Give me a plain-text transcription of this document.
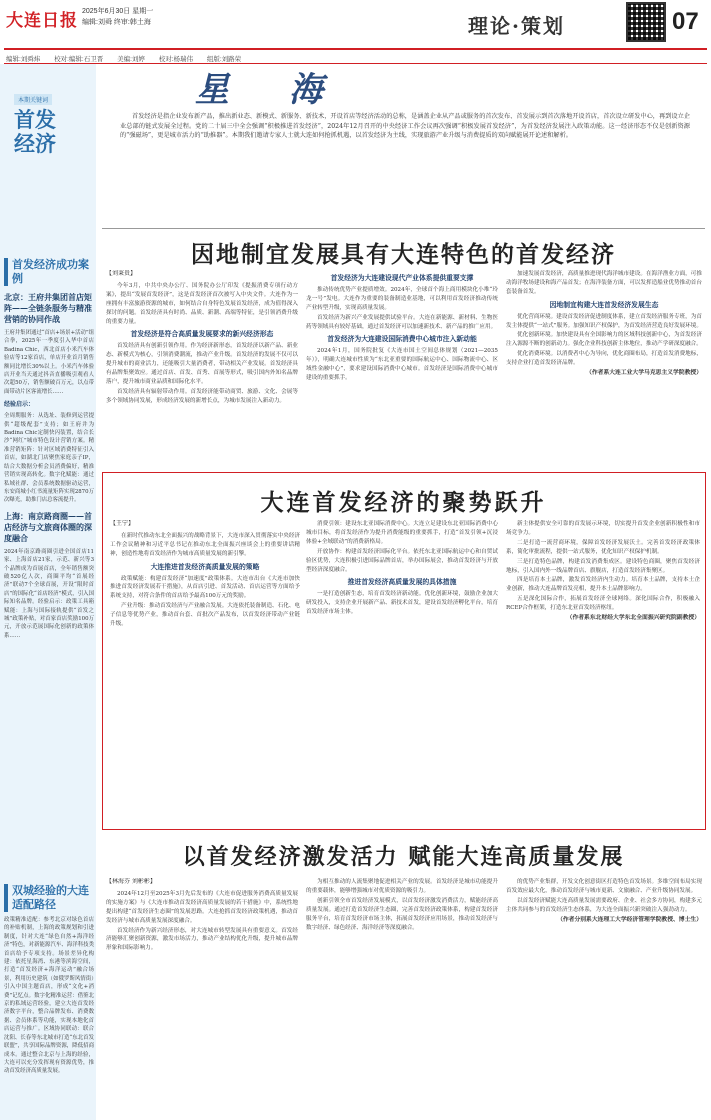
大连日报 2025年6月30日 星期一
编辑:刘舜 终审:韩土海	理论·策划	07
编辑:刘舜炜 校对:编辑:石卫晋 美编:刘婷 校对:杨瑞伟 组版:刘路荣
本期关键词
首发经济
首发经济成功案例
北京：王府井集团首店矩阵——全链条服务与精准营销的协同作战
王府井集团通过“首店+场景+活动”组合拳，2025年一季度引入华中首店Badina Chic，西北首店小米汽车体验店等12家首店，单店开业首月销售额同比增长30%以上。小米汽车体验店开业当天通过抖音直播吸引观看人次超50万，销售额破百万元，以点带面带动片区客流增长……
经验启示：
全周期服务：从选址、装修到运营提供“超级配套”支持；如王府井为Badina Chic定制快闪装置，结合长沙“网红”城市特色设计营销方案。精准营销矩阵：针对区域消费特征引入首店，如湖北门店聚焦家庭亲子IP，结合大数据分析会员消费偏好，精准营销实现高转化。数字化赋能：通过私域社群、会员系统数据驱动运营，东安商城小红书流量矩阵实现2870万次曝光，助推门店总客流提升。
上海：南京路商圈——首店经济与文旅商体圈的深度融合
2024年南京路商圈引进全国首店11家、上海首店21家，示范、新兴等3个品牌成为首展首店，全年销售额突破520亿人次，商圈平均“首展经济”联动7个全球首展，开设“限时首店”的国际化“首店经济”模式，引入国际知名品牌。经验启示：政策工具箱赋能：上海与国际接轨提供“首发之城”政策补贴，对首家首店奖励100万元，开放示范展国际化创新的政策体系……
双城经验的大连适配路径
政策精准适配：参考北京对绿色首店的补贴机制，上海的政策规划和引进制度，针对大连“绿色自然+海洋经济”特色，对新能源汽车、海洋科技类首店给予专项支持。场景差异化构建：依托星海湾、东港等滨海空间，打造“首发经济+海洋运动”融合场景，利用历史建筑（如俄罗斯风情街）引入中国主题首店，形成“文化+消费”记忆点。数字化精准运营：借鉴北京的私域运营经验，建立大连首发经济数字平台，整合品牌发布、消费数据、会员体系等功能，实现本地化首店运营与推广。区域协同联动：联合沈阳、长春等东北城市打造“东北首发联盟”，共享国际品牌资源，降低招商成本。通过整合北京与上海的经验，大连可以充分发挥现有资源优势，推动首发经济高质量发展。
星 海
首发经济是指企业发布新产品，推出新业态、新模式、新服务、新技术，开设首店等经济活动的总称，是涵盖企业从产品或服务的首次发布、首发展示到首次落地开设首店，首次设立研发中心，再到设立企业总部的链式发展全过程。党的二十届三中全会强调“积极推进首发经济”，2024年12月召开的中央经济工作会议再次强调“积极发展首发经济”，为首发经济发展注入政策动能。这一经济形态不仅是创新资源的“强磁场”，更是城市活力的“助推器”。本期我们邀请专家人士就大连如何抢抓机遇，以首发经济为主线，实现旅游产业升级与消费提质的双向赋能展开论述和解析。
因地制宜发展具有大连特色的首发经济
【刘秉贵】
今年3月，中共中央办公厅、国务院办公厅印发《提振消费专项行动方案》，提出“发展首发经济”，这是首发经济首次被写入中央文件。大连作为一座拥有丰富旅游资源的城市，如何结合自身特色发展首发经济，成为值得深入探讨的问题。首发经济具有时尚、品质、新潮、高端等特征，是引领消费升级的重要力量。
首发经济是符合高质量发展要求的新兴经济形态
首发经济具有创新引领作用。作为经济新形态，首发经济以新产品、新业态、新模式为核心，引领消费潮流，推动产业升级。首发经济的发展不仅可以提升城市的商业活力，还能吸引大量消费者，带动相关产业发展。首发经济具有品牌集聚效应。通过首店、首发、首秀、首展等形式，吸引国内外知名品牌落户，提升城市商业品质和国际化水平。
首发经济具有辐射带动作用。首发经济能带动商贸、旅游、文化、会展等多个领域协同发展，形成经济发展的新增长点，为城市发展注入新动力。
首发经济为大连建设现代产业体系提供重要支撑
推动传统优势产业提质增效。2024年，全球首个海上商用模块化小堆“玲龙一号”发电。大连作为重要的装备制造业基地，可以利用首发经济推动传统产业转型升级，实现高质量发展。
首发经济为新兴产业发展提供试验平台。大连在新能源、新材料、生物医药等领域具有较好基础，通过首发经济可以加速新技术、新产品的推广应用。
首发经济为大连建设国际消费中心城市注入新动能
2024年1月，国务院批复《大连市国土空间总体规划（2021—2035年）》，明确大连城市性质为“东北亚重要的国际航运中心、国际物流中心、区域性金融中心”，要求建设国际消费中心城市。首发经济是国际消费中心城市建设的重要抓手。
加速发展首发经济，高质量推进现代海洋城市建设。在海洋渔业方面，可推动海洋牧场建设和海产品首发；在海洋装备方面，可以发挥造船业优势推动首台套装备首发。
因地制宜构建大连首发经济发展生态
优化营商环境。建设首发经济促进制度体系，建立首发经济服务专班，为首发主体提供“一站式”服务。加强知识产权保护，为首发经济营造良好发展环境。
优化创新环境。加快建设具有全国影响力的区域科技创新中心，为首发经济注入源源不断的创新动力。强化企业科技创新主体地位，推动产学研深度融合。
优化消费环境。以消费者中心为导向，优化商圈布局，打造首发消费地标，支持企业打造首发经济品牌。
（作者系大连工业大学马克思主义学院教授）
大连首发经济的聚势跃升
【王宁】
在新时代推动东北全面振兴的战略背景下，大连市深入贯彻落实中央经济工作会议精神和习近平总书记在推动东北全面振兴座谈会上的重要讲话精神，创造性地将首发经济作为城市高质量发展的新引擎。
大连推进首发经济高质量发展的策略
政策赋能：构建首发经济“加速度”政策体系。大连市出台《大连市加快推进首发经济发展若干措施》，从首店引进、首发活动、首店运营等方面给予系统支持，对符合条件的首店给予最高100万元的奖励。
产业升级：推动首发经济与产业融合发展。大连依托装备制造、石化、电子信息等优势产业，推动首台套、首批次产品发布，以首发经济带动产业链升级。
消费引领：建设东北亚国际消费中心。大连立足建设东北亚国际消费中心城市目标，将首发经济作为提升消费能级的重要抓手，打造“首发引领+沉浸体验+全域联动”的消费新格局。
开放协作：构建首发经济国际化平台。依托东北亚国际航运中心和自贸试验区优势，大连积极引进国际品牌首店，举办国际展会，推动首发经济与开放型经济深度融合。
推进首发经济高质量发展的具体措施
一是打造创新生态，培育首发经济新动能。优化创新环境，鼓励企业加大研发投入，支持企业开展新产品、新技术首发，建设首发经济孵化平台，培育首发经济市场主体。
新主体提供安全可靠的首发展示环境，切实提升首发企业创新积极性和市场竞争力。
二是打造一流营商环境，保障首发经济发展沃土。完善首发经济政策体系，简化审批流程，提供一站式服务，优化知识产权保护机制。
三是打造特色品牌，构建首发消费集成区。建设特色商圈，聚焦首发经济地标，引入国内外一线品牌首店、旗舰店，打造首发经济集聚区。
四是培育本土品牌，激发首发经济内生动力。培育本土品牌，支持本土企业创新，推动大连品牌首发亮相，提升本土品牌影响力。
五是深化国际合作，拓展首发经济全球网络。深化国际合作，积极融入RCEP合作框架，打造东北亚首发经济枢纽。
（作者系东北财经大学东北全面振兴研究院副教授）
以首发经济激发活力 赋能大连高质量发展
【林海芬 刘彬彬】
2024年12月至2025年3月先后发布的《大连市促进服务消费高质量发展的实施方案》与《大连市推动首发经济高质量发展的若干措施》中，系统性地提出构建“首发经济生态圈”的发展思路。大连抢抓首发经济政策机遇，推动首发经济与城市高质量发展深度融合。
首发经济作为新兴经济形态，对大连城市转型发展具有重要意义。首发经济能够汇聚创新资源，激发市场活力，推动产业结构优化升级，提升城市品牌形象和国际影响力。
为相互推动的人流集聚地促进相关产业的发展。首发经济是城市功能提升的重要载体，能够增强城市对优质资源的吸引力。
创新引领全市首发经济发展模式，以首发经济激发消费活力，赋能经济高质量发展。通过打造首发经济生态圈，完善首发经济政策体系，构建首发经济服务平台，培育首发经济市场主体，拓展首发经济应用场景，推动首发经济与数字经济、绿色经济、海洋经济等深度融合。
的优势产业集群，开发文化创意街区打造特色首发场景。多维空间布局实现首发效应最大化，推动首发经济与城市更新、文旅融合、产业升级协同发展。
以首发经济赋能大连高质量发展需要政府、企业、社会多方协同，构建多元主体共同参与的首发经济生态体系，为大连全面振兴新突破注入强劲动力。
（作者分别系大连理工大学经济管理学院教授、博士生）
